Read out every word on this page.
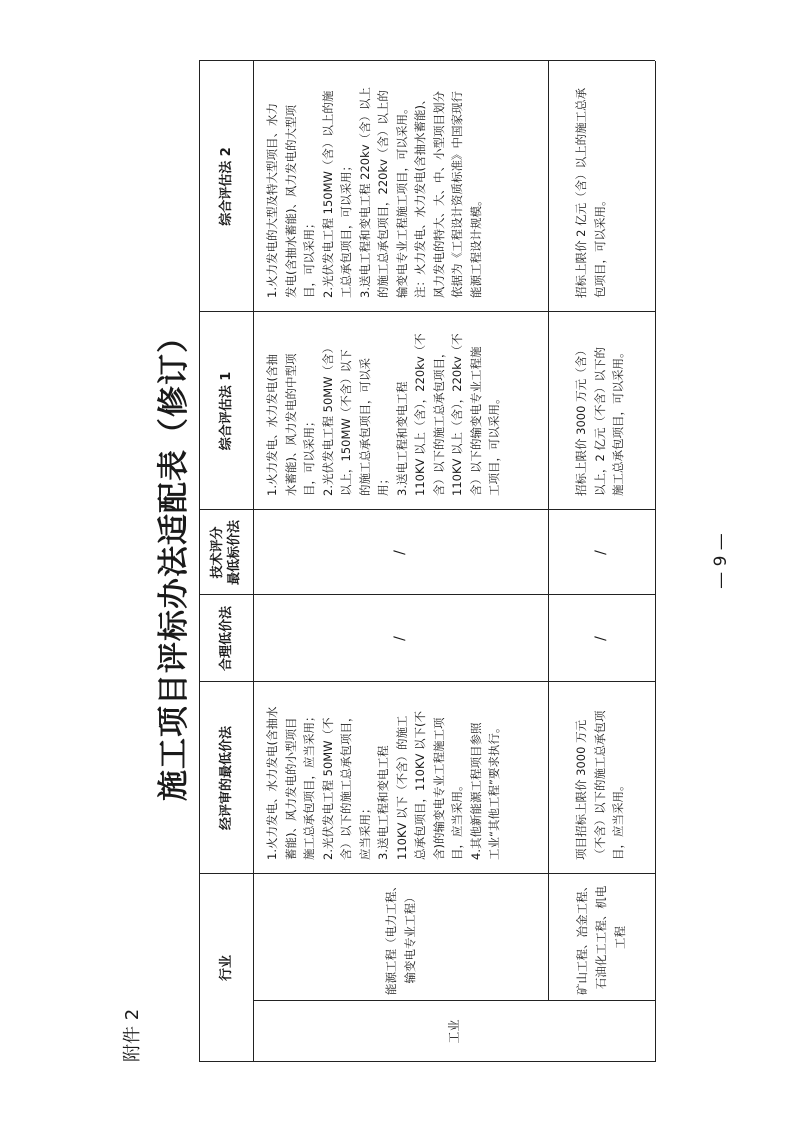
附件 2
施工项目评标办法适配表（修订）
行业
经评审的最低价法
合理低价法
技术评分
最低标价法
综合评估法 1
综合评估法 2
工业
能源工程（电力工程、
输变电专业工程）
1.火力发电、水力发电(含抽水
蓄能)、风力发电的小型项目
施工总承包项目，应当采用；
2.光伏发电工程 50MW（不
含）以下的施工总承包项目，
应当采用；
3.送电工程和变电工程
110KV 以下（不含）的施工
总承包项目，110KV 以下(不
含)的输变电专业工程施工项
目，应当采用。
4.其他新能源工程项目参照
工业“其他工程”要求执行。
/
/
1.火力发电、水力发电(含抽
水蓄能)、风力发电的中型项
目，可以采用；
2.光伏发电工程 50MW（含）
以上，150MW（不含）以下
的施工总承包项目，可以采
用；
3.送电工程和变电工程
110KV 以上（含），220kv（不
含）以下的施工总承包项目，
110KV 以上（含），220kv（不
含）以下的输变电专业工程施
工项目，可以采用。
1.火力发电的大型及特大型项目、水力
发电(含抽水蓄能)、风力发电的大型项
目，可以采用；
2.光伏发电工程 150MW（含）以上的施
工总承包项目，可以采用；
3.送电工程和变电工程 220kv（含）以上
的施工总承包项目，220kv（含）以上的
输变电专业工程施工项目，可以采用。
注：火力发电、水力发电(含抽水蓄能)、
风力发电的特大、大、中、小型项目划分
依据为《工程设计资质标准》中国家现行
能源工程设计规模。
矿山工程、冶金工程、
石油化工工程、机电
工程
项目招标上限价 3000 万元
（不含）以下的施工总承包项
目，应当采用。
/
/
招标上限价 3000 万元（含）
以上，2 亿元（不含）以下的
施工总承包项目，可以采用。
招标上限价 2 亿元（含）以上的施工总承
包项目，可以采用。
— 9 —
